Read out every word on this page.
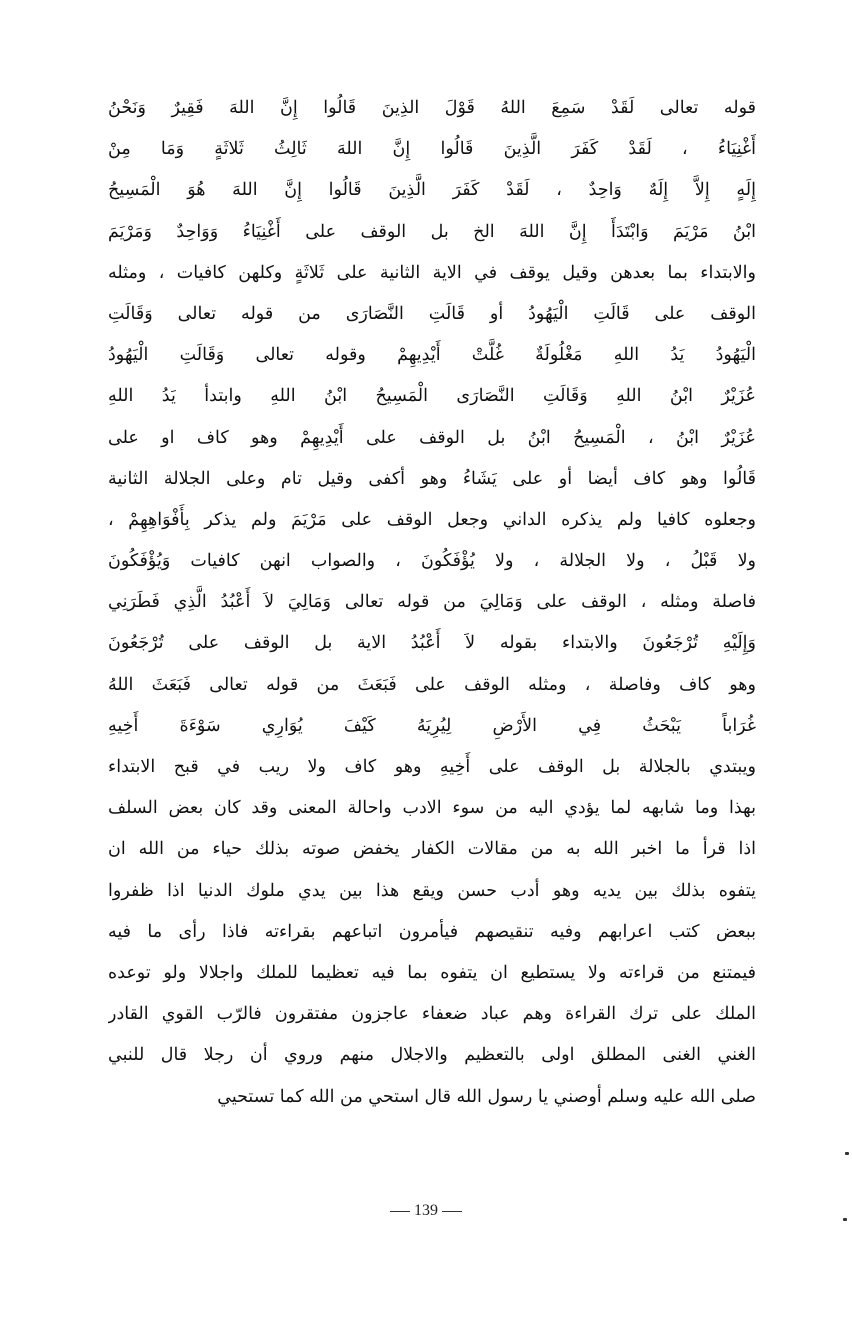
قوله تعالى لَقَدْ سَمِعَ اللهُ قَوْلَ الذِينَ قَالُوا إِنَّ اللهَ فَقِيرٌ وَنَحْنُ
أَغْنِيَاءُ ، لَقَدْ كَفَرَ الَّذِينَ قَالُوا إِنَّ اللهَ ثَالِثُ ثَلاثَةٍ وَمَا مِنْ
إِلَهٍ إِلاَّ إِلَهٌ وَاحِدٌ ، لَقَدْ كَفَرَ الَّذِينَ قَالُوا إِنَّ اللهَ هُوَ الْمَسِيحُ
ابْنُ مَرْيَمَ وَابْتَدَأَ إِنَّ اللهَ الخ بل الوقف على أَغْنِيَاءُ وَوَاحِدٌ وَمَرْيَمَ
والابتداء بما بعدهن وقيل يوقف في الاية الثانية على ثَلاثَةٍ وكلهن كافيات ، ومثله
الوقف على قَالَتِ الْيَهُودُ أو قَالَتِ النَّصَارَى من قوله تعالى وَقَالَتِ
الْيَهُودُ يَدُ اللهِ مَغْلُولَةٌ غُلَّتْ أَيْدِيهِمْ وقوله تعالى وَقَالَتِ الْيَهُودُ
عُزَيْرٌ ابْنُ اللهِ وَقَالَتِ النَّصَارَى الْمَسِيحُ ابْنُ اللهِ وابتدأ يَدُ اللهِ
عُزَيْرٌ ابْنُ ، الْمَسِيحُ ابْنُ بل الوقف على أَيْدِيهِمْ وهو كاف او على
قَالُوا وهو كاف أيضا أو على يَشَاءُ وهو أكفى وقيل تام وعلى الجلالة الثانية
وجعلوه كافيا ولم يذكره الداني وجعل الوقف على مَرْيَمَ ولم يذكر بِأَفْوَاهِهِمْ ،
ولا قَبْلُ ، ولا الجلالة ، ولا يُؤْفَكُونَ ، والصواب انهن كافيات وَيُؤْفَكُونَ
فاصلة ومثله ، الوقف على وَمَالِيَ من قوله تعالى وَمَالِيَ لاَ أَعْبُدُ الَّذِي فَطَرَنِي
وَإِلَيْهِ تُرْجَعُونَ والابتداء بقوله لاَ أَعْبُدُ الاية بل الوقف على تُرْجَعُونَ
وهو كاف وفاصلة ، ومثله الوقف على فَبَعَثَ من قوله تعالى فَبَعَثَ اللهُ
غُرَاباً يَبْحَثُ فِي الأَرْضِ لِيُرِيَهُ كَيْفَ يُوَارِي سَوْءَةَ أَخِيهِ
ويبتدي بالجلالة بل الوقف على أَخِيهِ وهو كاف ولا ريب في قبح الابتداء
بهذا وما شابهه لما يؤدي اليه من سوء الادب واحالة المعنى وقد كان بعض السلف
اذا قرأ ما اخبر الله به من مقالات الكفار يخفض صوته بذلك حياء من الله ان
يتفوه بذلك بين يديه وهو أدب حسن ويقع هذا بين يدي ملوك الدنيا اذا ظفروا
ببعض كتب اعرابهم وفيه تنقيصهم فيأمرون اتباعهم بقراءته فاذا رأى ما فيه
فيمتنع من قراءته ولا يستطيع ان يتفوه بما فيه تعظيما للملك واجلالا ولو توعده
الملك على ترك القراءة وهم عباد ضعفاء عاجزون مفتقرون فالرّب القوي القادر
الغني الغنى المطلق اولى بالتعظيم والاجلال منهم وروي أن رجلا قال للنبي
صلى الله عليه وسلم أوصني يا رسول الله قال استحي من الله كما تستحيي
139
